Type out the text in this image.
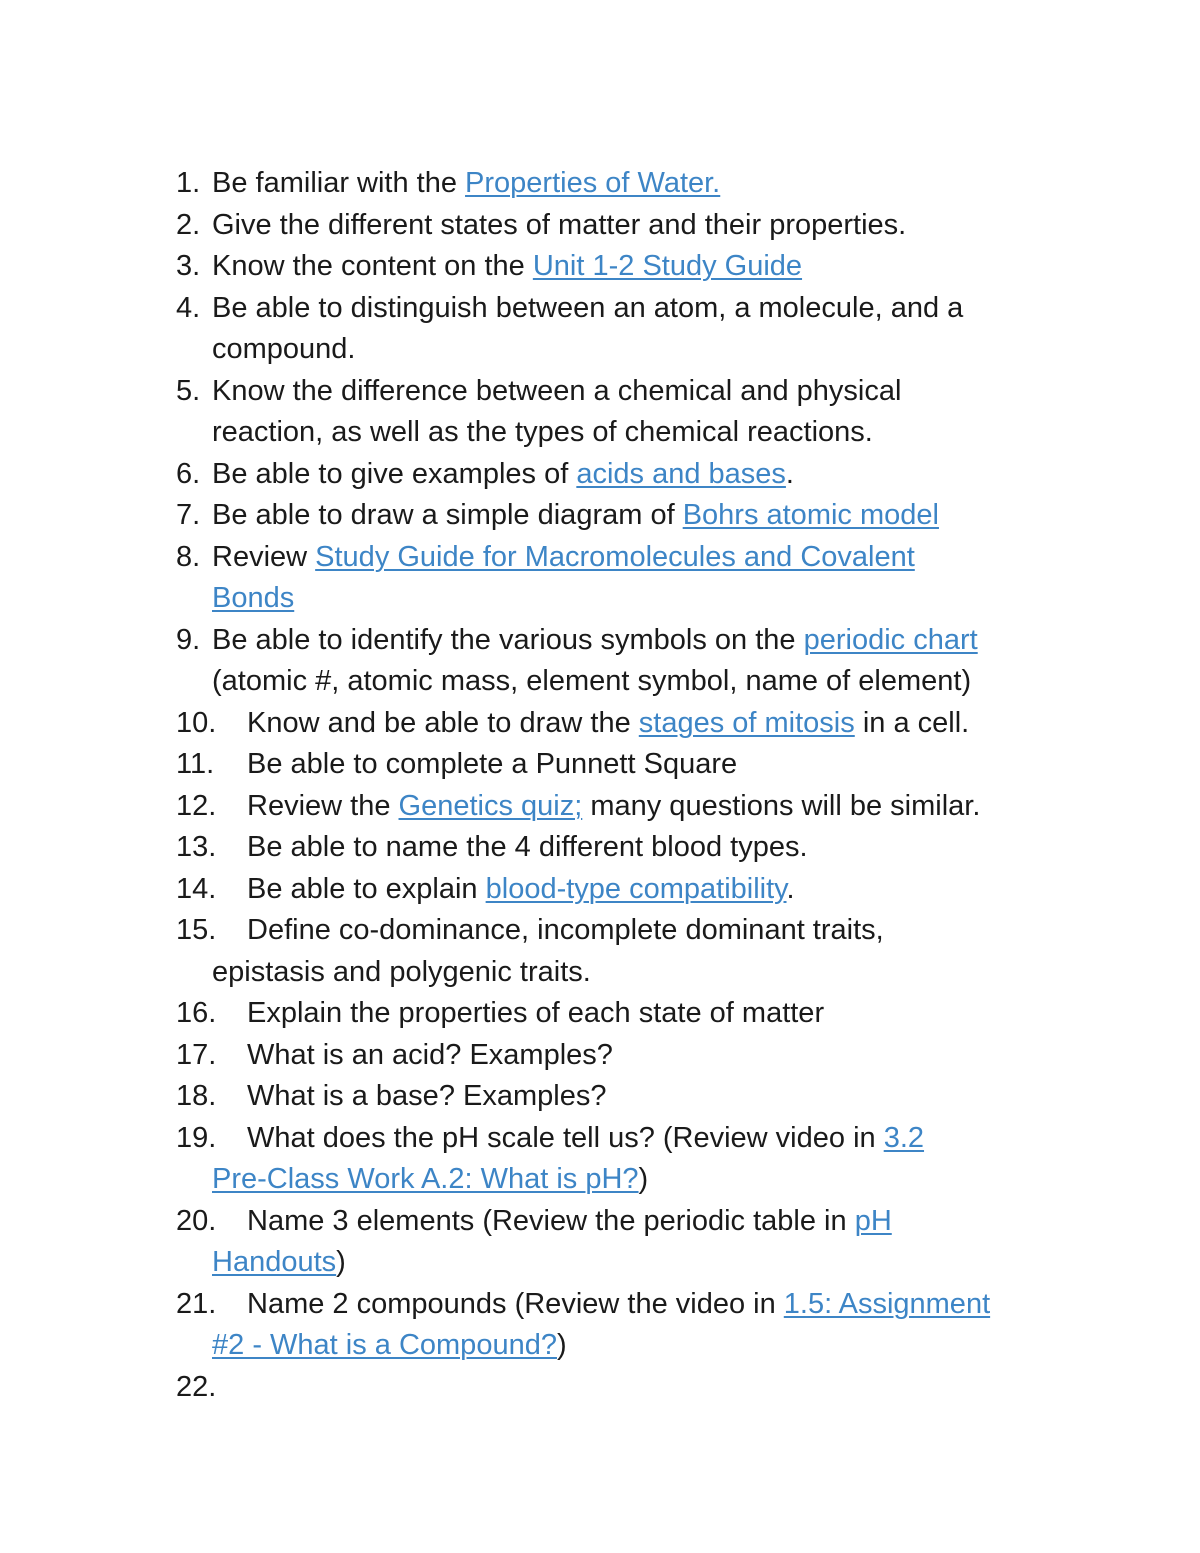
1. Be familiar with the Properties of Water.
2. Give the different states of matter and their properties.
3. Know the content on the Unit 1-2 Study Guide
4. Be able to distinguish between an atom, a molecule, and a
compound.
5. Know the difference between a chemical and physical
reaction, as well as the types of chemical reactions.
6. Be able to give examples of acids and bases.
7. Be able to draw a simple diagram of Bohrs atomic model
8. Review Study Guide for Macromolecules and Covalent
Bonds
9. Be able to identify the various symbols on the periodic chart
(atomic #, atomic mass, element symbol, name of element)
10. Know and be able to draw the stages of mitosis in a cell.
11. Be able to complete a Punnett Square
12. Review the Genetics quiz; many questions will be similar.
13. Be able to name the 4 different blood types.
14. Be able to explain blood-type compatibility.
15. Define co-dominance, incomplete dominant traits,
epistasis and polygenic traits.
16. Explain the properties of each state of matter
17. What is an acid? Examples?
18. What is a base? Examples?
19. What does the pH scale tell us? (Review video in 3.2
Pre-Class Work A.2: What is pH?)
20. Name 3 elements (Review the periodic table in pH
Handouts)
21. Name 2 compounds (Review the video in 1.5: Assignment
#2 - What is a Compound?)
22.
